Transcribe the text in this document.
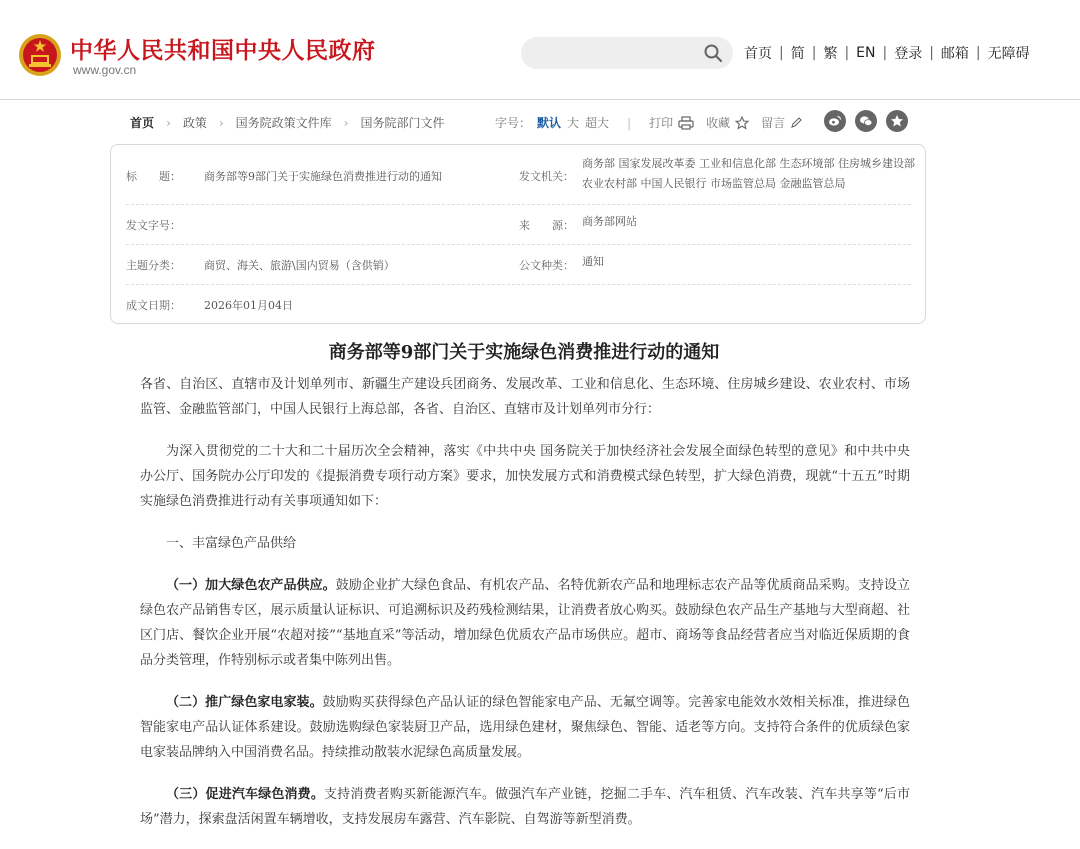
中华人民共和国中央人民政府
www.gov.cn
首页 | 简 | 繁 | EN | 登录 | 邮箱 | 无障碍
首页 › 政策 › 国务院政策文件库 › 国务院部门文件	字号： 默认 大 超大 | 打印	收藏	留言
标　　题： 商务部等9部门关于实施绿色消费推进行动的通知	发文机关：
商务部 国家发展改革委 工业和信息化部 生态环境部 住房城乡建设部 农业农村部 中国人民银行 市场监管总局 金融监管总局
发文字号：	来　　源： 商务部网站
主题分类： 商贸、海关、旅游\国内贸易（含供销）	公文种类： 通知
成文日期： 2026年01月04日
商务部等9部门关于实施绿色消费推进行动的通知

各省、自治区、直辖市及计划单列市、新疆生产建设兵团商务、发展改革、工业和信息化、生态环境、住房城乡建设、农业农村、市场监管、金融监管部门，中国人民银行上海总部，各省、自治区、直辖市及计划单列市分行：

为深入贯彻党的二十大和二十届历次全会精神，落实《中共中央 国务院关于加快经济社会发展全面绿色转型的意见》和中共中央办公厅、国务院办公厅印发的《提振消费专项行动方案》要求，加快发展方式和消费模式绿色转型，扩大绿色消费，现就“十五五”时期实施绿色消费推进行动有关事项通知如下：

一、丰富绿色产品供给

（一）加大绿色农产品供应。鼓励企业扩大绿色食品、有机农产品、名特优新农产品和地理标志农产品等优质商品采购。支持设立绿色农产品销售专区，展示质量认证标识、可追溯标识及药残检测结果，让消费者放心购买。鼓励绿色农产品生产基地与大型商超、社区门店、餐饮企业开展“农超对接”“基地直采”等活动，增加绿色优质农产品市场供应。超市、商场等食品经营者应当对临近保质期的食品分类管理，作特别标示或者集中陈列出售。

（二）推广绿色家电家装。鼓励购买获得绿色产品认证的绿色智能家电产品、无氟空调等。完善家电能效水效相关标准，推进绿色智能家电产品认证体系建设。鼓励选购绿色家装厨卫产品，选用绿色建材，聚焦绿色、智能、适老等方向。支持符合条件的优质绿色家电家装品牌纳入中国消费名品。持续推动散装水泥绿色高质量发展。

（三）促进汽车绿色消费。支持消费者购买新能源汽车。做强汽车产业链，挖掘二手车、汽车租赁、汽车改装、汽车共享等“后市场”潜力，探索盘活闲置车辆增收，支持发展房车露营、汽车影院、自驾游等新型消费。
